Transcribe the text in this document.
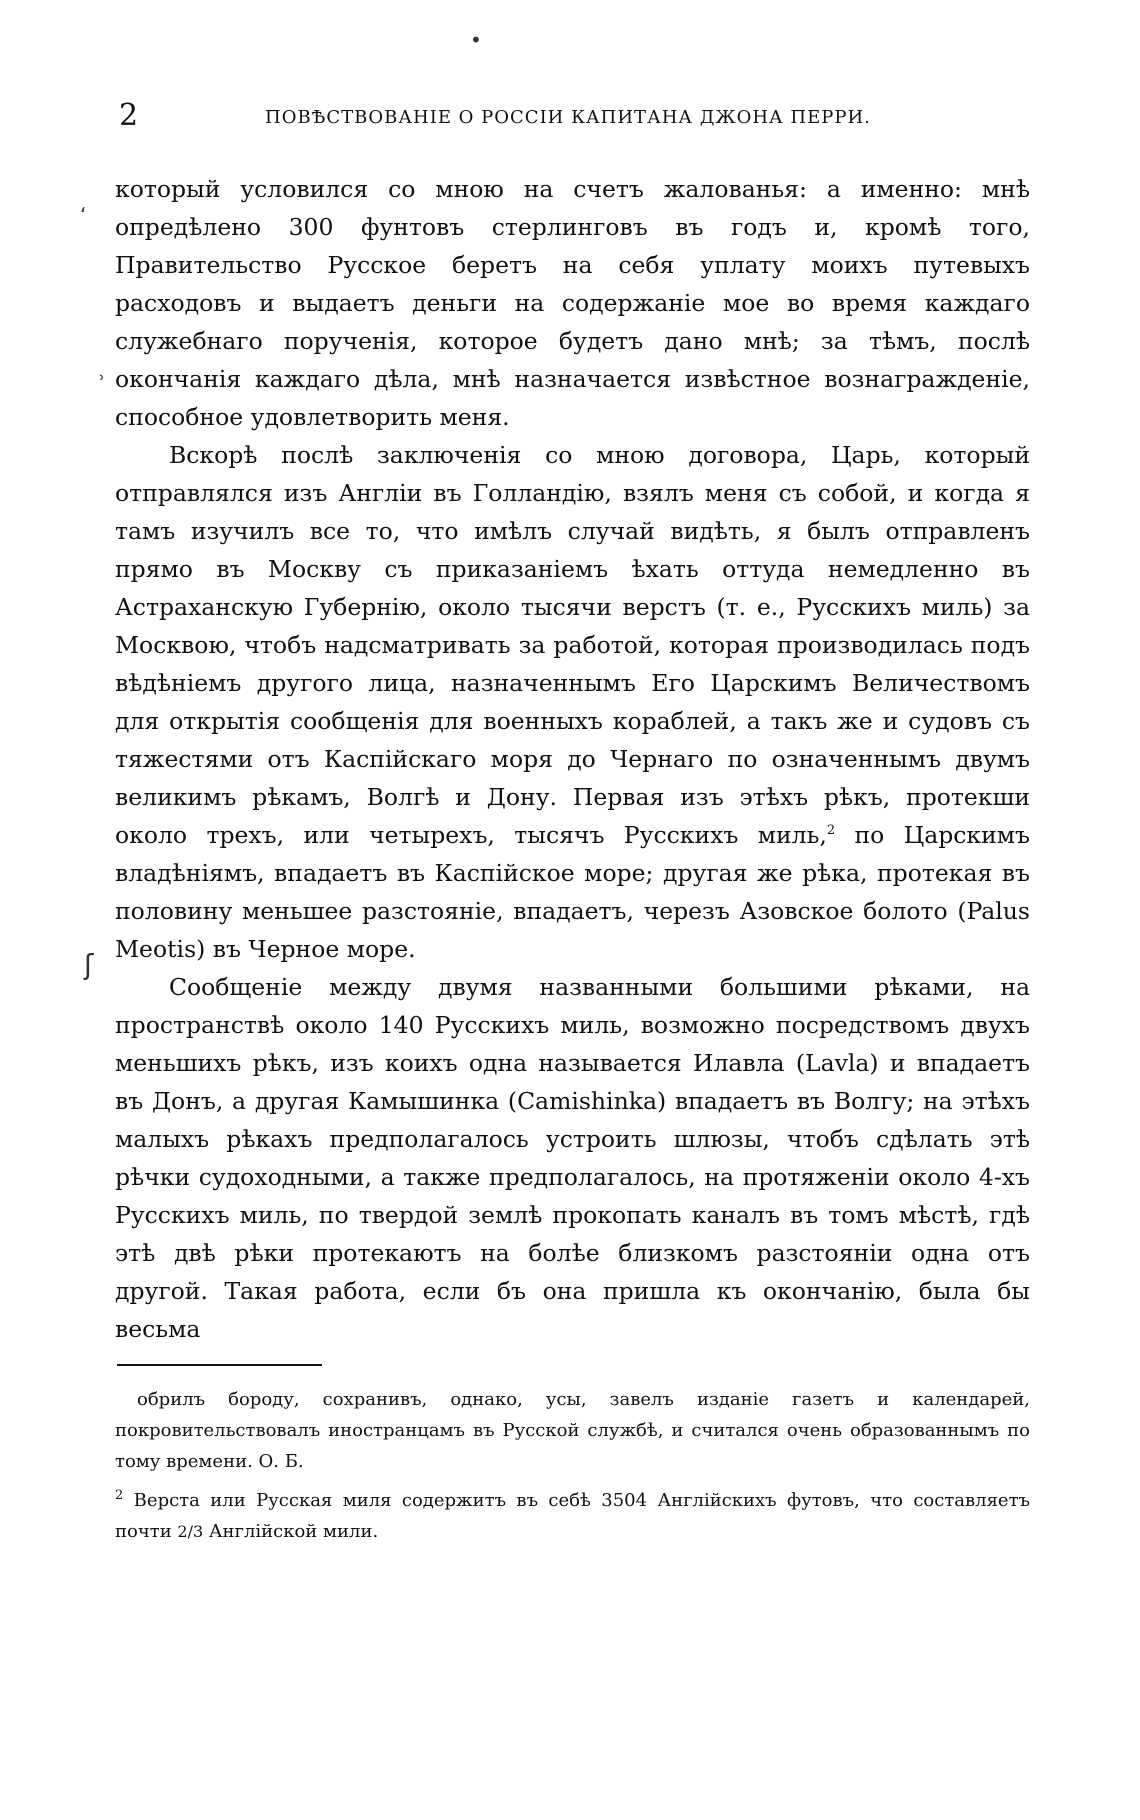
•
ʻ
˒
ʃ
2	ПОВѢСТВОВАНІЕ О РОССІИ КАПИТАНА ДЖОНА ПЕРРИ.

который условился со мною на счетъ жалованья: а именно: мнѣ опредѣлено 300 фунтовъ стерлинговъ въ годъ и, кромѣ того, Правительство Русское беретъ на себя уплату моихъ путевыхъ расходовъ и выдаетъ деньги на содержаніе мое во время каждаго служебнаго порученія, которое будетъ дано мнѣ; за тѣмъ, послѣ окончанія каждаго дѣла, мнѣ назначается извѣстное вознагражденіе, способное удовлетворить меня.

Вскорѣ послѣ заключенія со мною договора, Царь, который отправлялся изъ Англіи въ Голландію, взялъ меня съ собой, и когда я тамъ изучилъ все то, что имѣлъ случай видѣть, я былъ отправленъ прямо въ Москву съ приказаніемъ ѣхать оттуда немедленно въ Астраханскую Губернію, около тысячи верстъ (т. е., Русскихъ миль) за Москвою, чтобъ надсматривать за работой, которая производилась подъ вѣдѣніемъ другого лица, назначеннымъ Его Царскимъ Величествомъ для открытія сообщенія для военныхъ кораблей, а такъ же и судовъ съ тяжестями отъ Каспійскаго моря до Чернаго по означеннымъ двумъ великимъ рѣкамъ, Волгѣ и Дону. Первая изъ этѣхъ рѣкъ, протекши около трехъ, или четырехъ, тысячъ Русскихъ миль,$^2$ по Царскимъ владѣніямъ, впадаетъ въ Каспійское море; другая же рѣка, протекая въ половину меньшее разстояніе, впадаетъ, черезъ Азовское болото (Palus Meotis) въ Черное море.

Сообщеніе между двумя названными большими рѣками, на пространствѣ около 140 Русскихъ миль, возможно посредствомъ двухъ меньшихъ рѣкъ, изъ коихъ одна называется Илавла (Lavla) и впадаетъ въ Донъ, а другая Камышинка (Camishinka) впадаетъ въ Волгу; на этѣхъ малыхъ рѣкахъ предполагалось устроить шлюзы, чтобъ сдѣлать этѣ рѣчки судоходными, а также предполагалось, на протяженіи около 4-хъ Русскихъ миль, по твердой землѣ прокопать каналъ въ томъ мѣстѣ, гдѣ этѣ двѣ рѣки протекаютъ на болѣе близкомъ разстояніи одна отъ другой. Такая работа, если бъ она пришла къ окончанію, была бы весьма

обрилъ бороду, сохранивъ, однако, усы, завелъ изданіе газетъ и календарей, покровительствовалъ иностранцамъ въ Русской службѣ, и считался очень образованнымъ по тому времени. О. Б.

$^2$ Верста или Русская миля содержитъ въ себѣ 3504 Англійскихъ футовъ, что составляетъ почти 2/3 Англійской мили.
